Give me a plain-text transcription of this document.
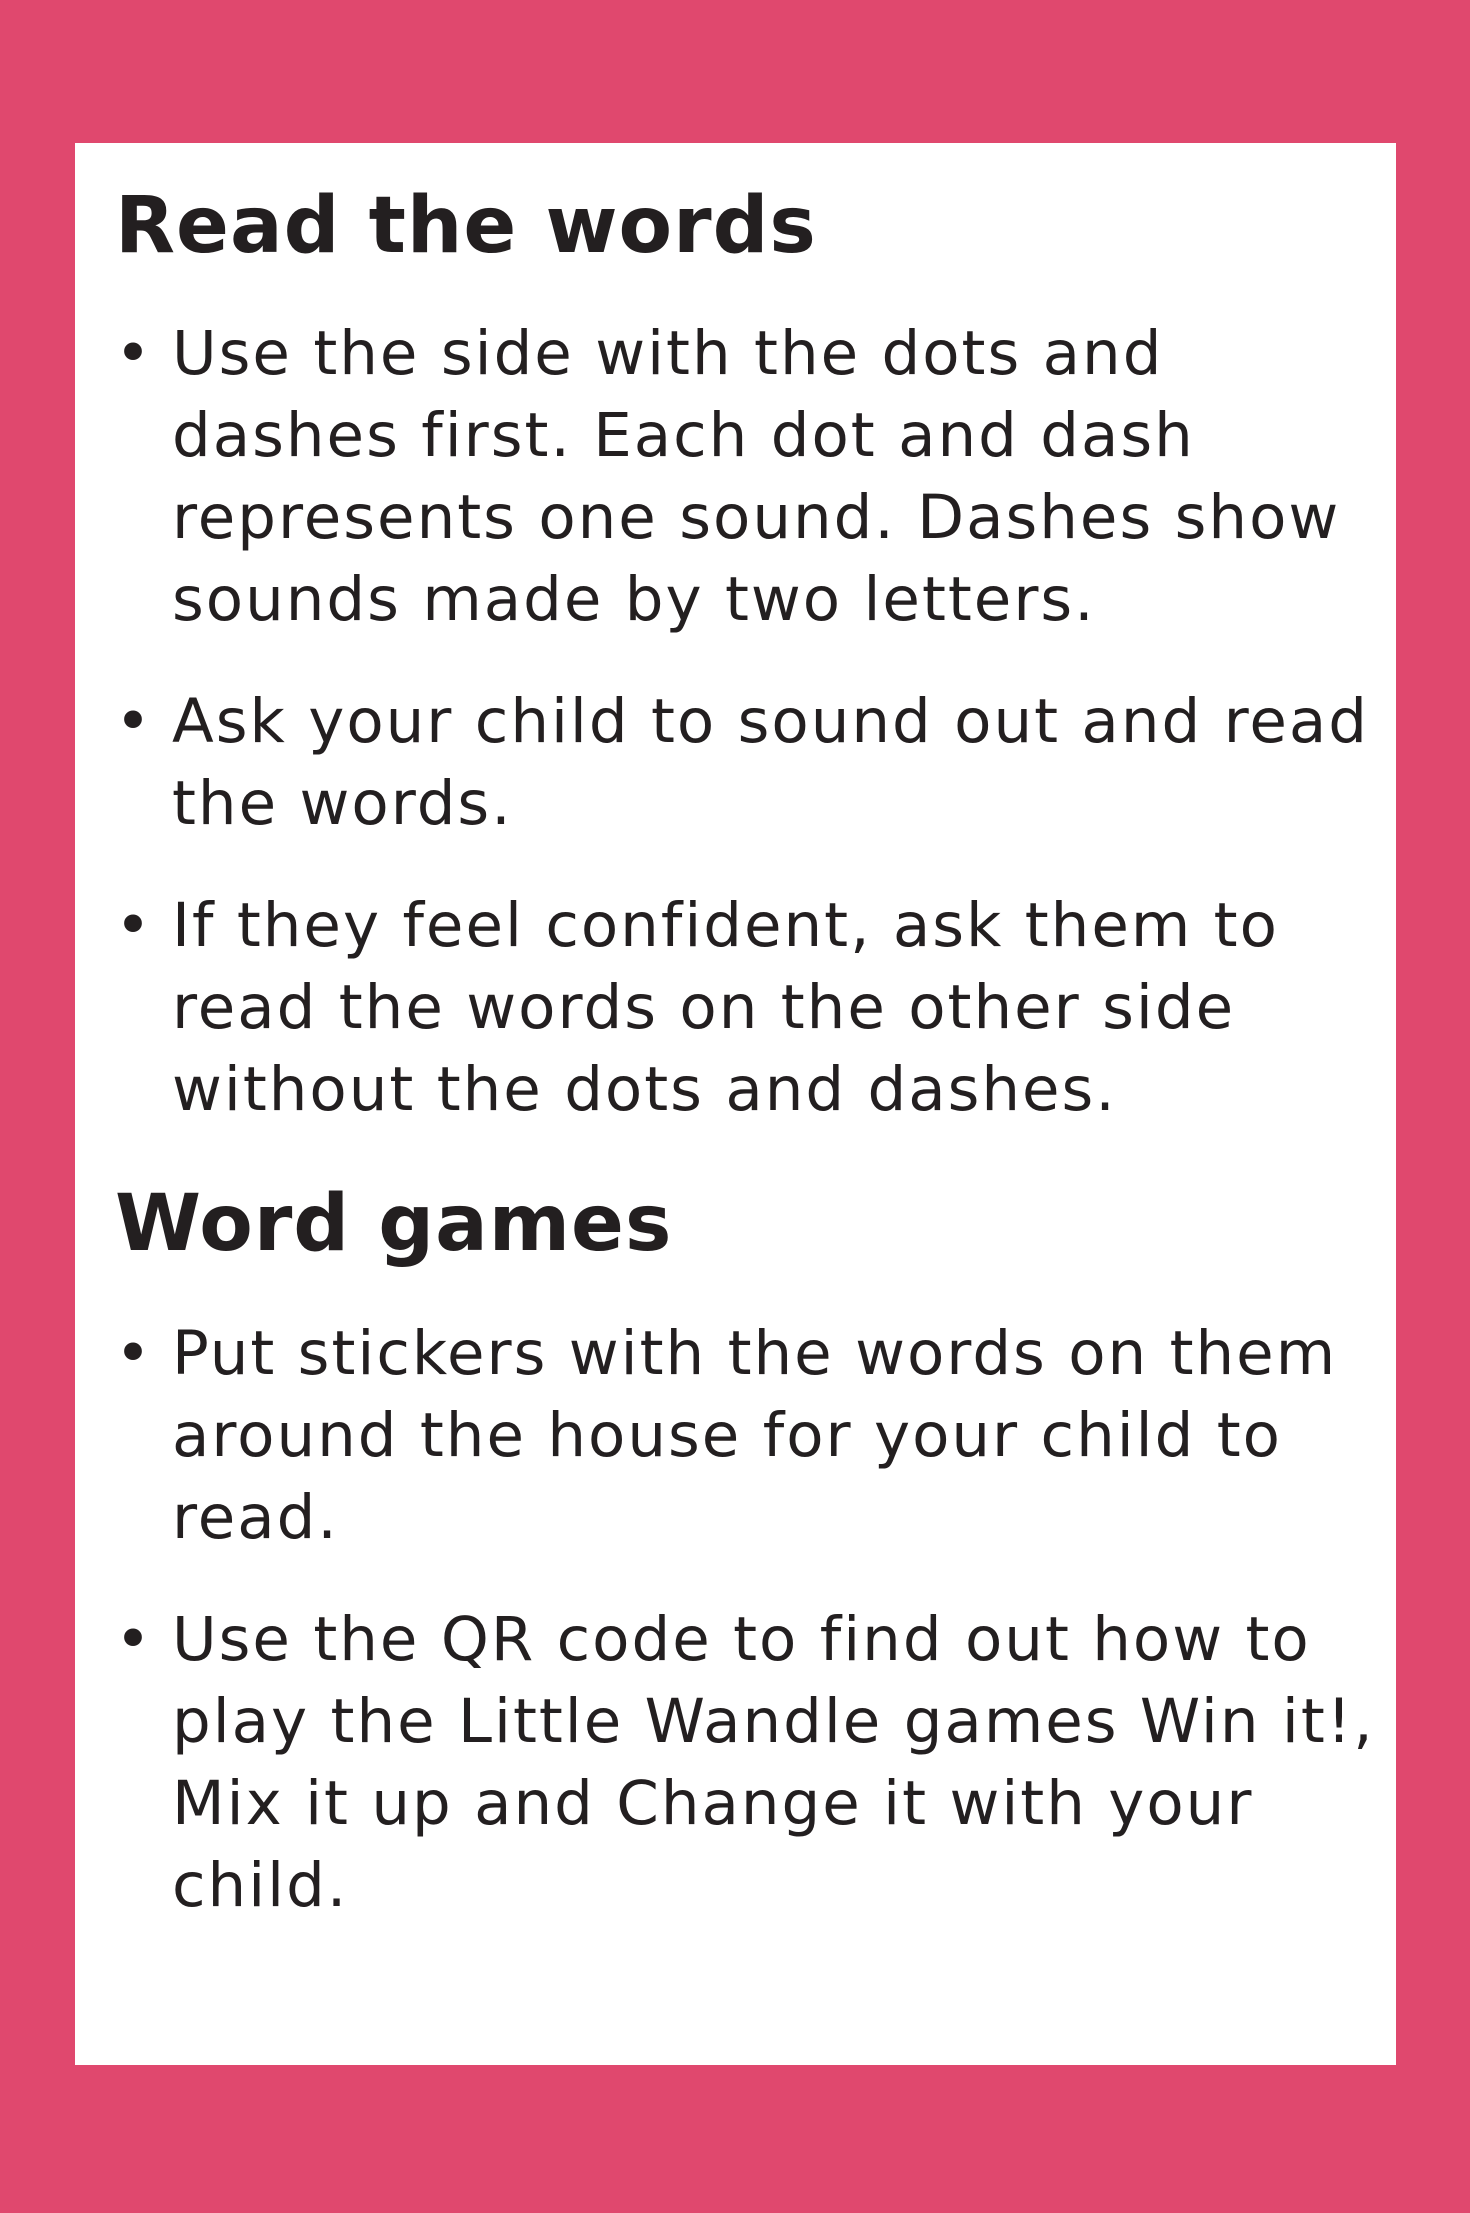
Read the words
•
Use the side with the dots and dashes first. Each dot and dash represents one sound. Dashes show sounds made by two letters.
•
Ask your child to sound out and read the words.
•
If they feel confident, ask them to read the words on the other side without the dots and dashes.
Word games
•
Put stickers with the words on them around the house for your child to read.
•
Use the QR code to find out how to play the Little Wandle games Win it!, Mix it up and Change it with your child.
